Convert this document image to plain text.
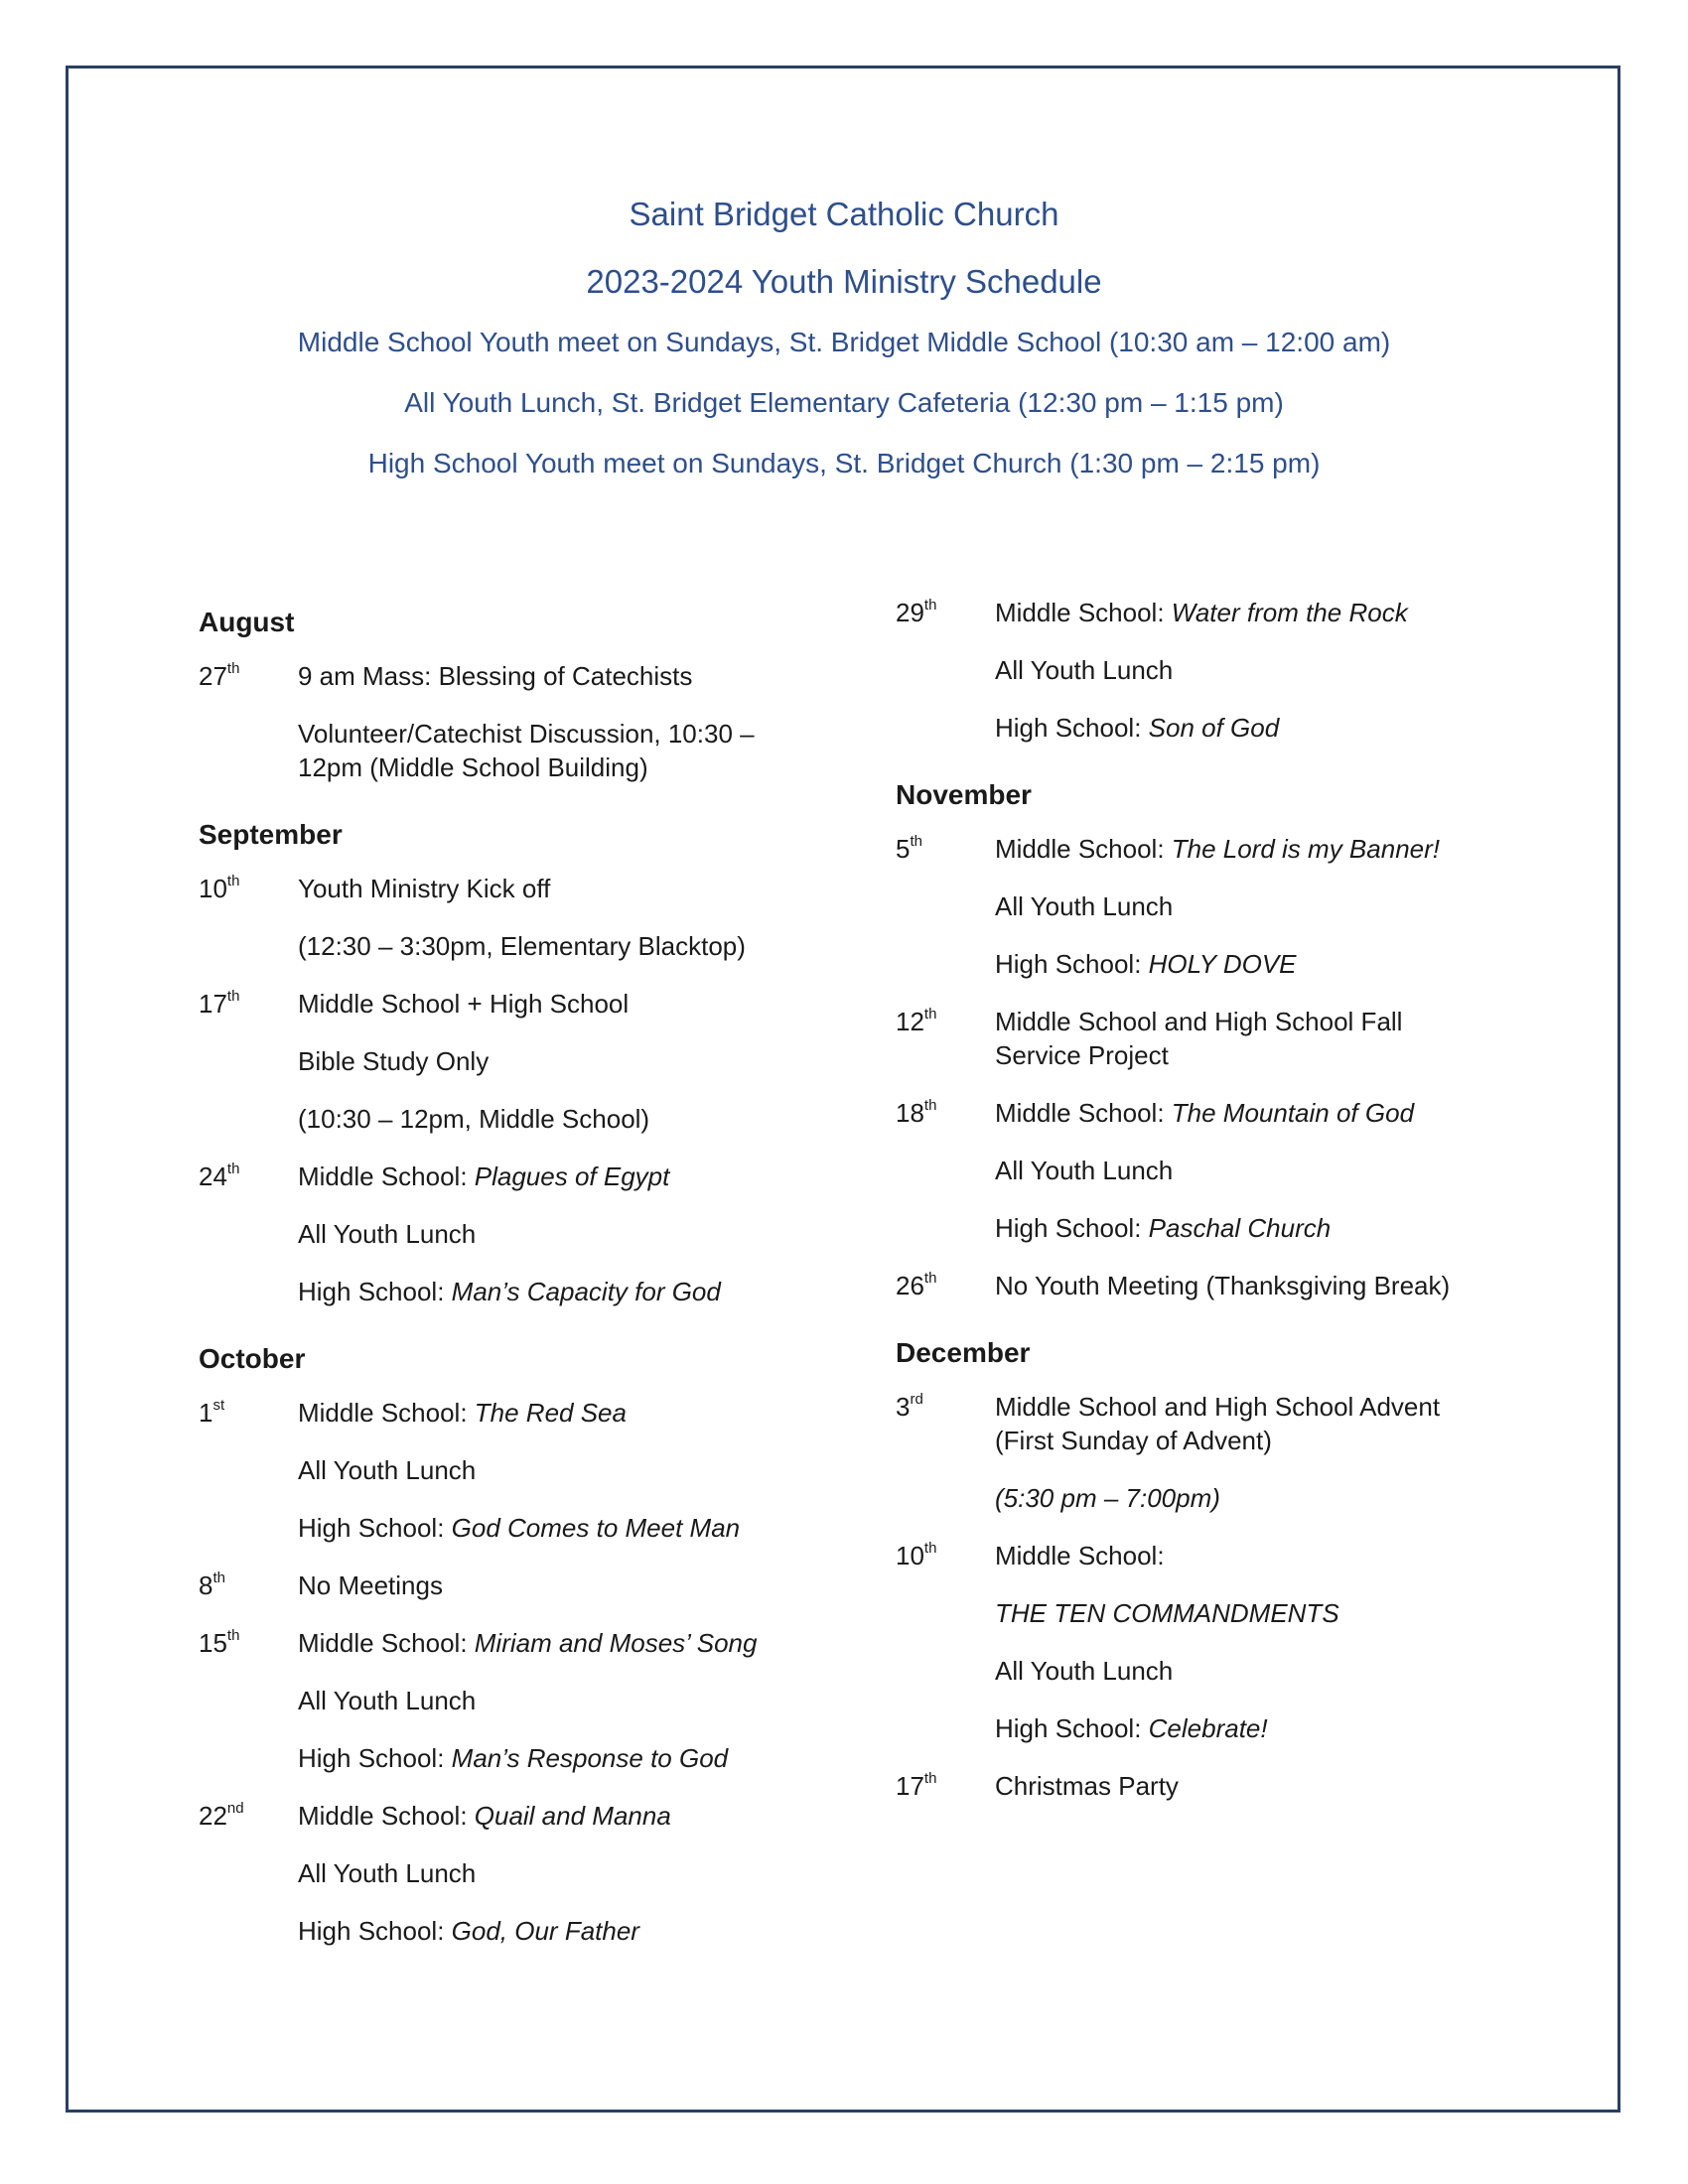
Saint Bridget Catholic Church
2023-2024 Youth Ministry Schedule
Middle School Youth meet on Sundays, St. Bridget Middle School (10:30 am – 12:00 am)
All Youth Lunch, St. Bridget Elementary Cafeteria (12:30 pm – 1:15 pm)
High School Youth meet on Sundays, St. Bridget Church (1:30 pm – 2:15 pm)
August
27th	9 am Mass: Blessing of Catechists
Volunteer/Catechist Discussion, 10:30 –
12pm (Middle School Building)
September
10th	Youth Ministry Kick off
(12:30 – 3:30pm, Elementary Blacktop)
17th	Middle School + High School
Bible Study Only
(10:30 – 12pm, Middle School)
24th	Middle School: Plagues of Egypt
All Youth Lunch
High School: Man’s Capacity for God
October
1st	Middle School: The Red Sea
All Youth Lunch
High School: God Comes to Meet Man
8th	No Meetings
15th	Middle School: Miriam and Moses’ Song
All Youth Lunch
High School: Man’s Response to God
22nd	Middle School: Quail and Manna
All Youth Lunch
High School: God, Our Father
29th	Middle School: Water from the Rock
All Youth Lunch
High School: Son of God
November
5th	Middle School: The Lord is my Banner!
All Youth Lunch
High School: HOLY DOVE
12th	Middle School and High School Fall
Service Project
18th	Middle School: The Mountain of God
All Youth Lunch
High School: Paschal Church
26th	No Youth Meeting (Thanksgiving Break)
December
3rd	Middle School and High School Advent
(First Sunday of Advent)
(5:30 pm – 7:00pm)
10th	Middle School:
THE TEN COMMANDMENTS
All Youth Lunch
High School: Celebrate!
17th	Christmas Party
